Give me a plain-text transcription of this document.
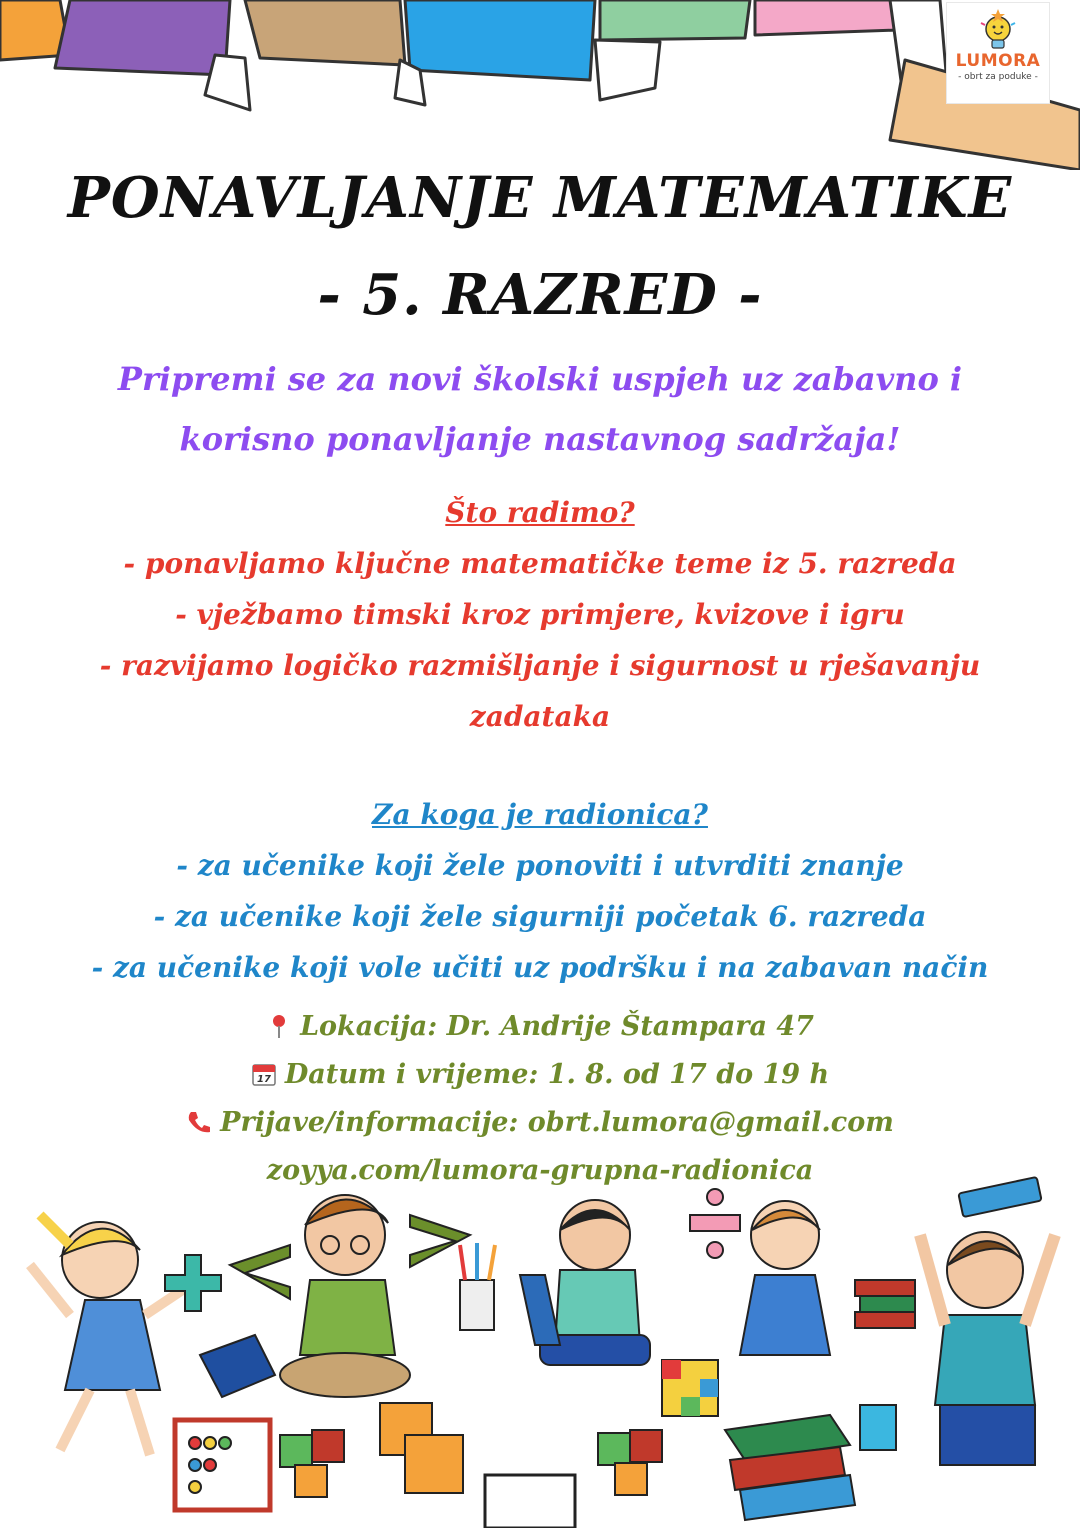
LUMORA
- obrt za poduke -
PONAVLJANJE MATEMATIKE
- 5. RAZRED -
Pripremi se za novi školski uspjeh uz zabavno i
korisno ponavljanje nastavnog sadržaja!
Što radimo?
- ponavljamo ključne matematičke teme iz 5. razreda
- vježbamo timski kroz primjere, kvizove i igru
- razvijamo logičko razmišljanje i sigurnost u rješavanju
zadataka
Za koga je radionica?
- za učenike koji žele ponoviti i utvrditi znanje
- za učenike koji žele sigurniji početak 6. razreda
- za učenike koji vole učiti uz podršku i na zabavan način
Lokacija: Dr. Andrije Štampara 47
17 Datum i vrijeme: 1. 8. od 17 do 19 h
Prijave/informacije: obrt.lumora@gmail.com
zoyya.com/lumora-grupna-radionica
